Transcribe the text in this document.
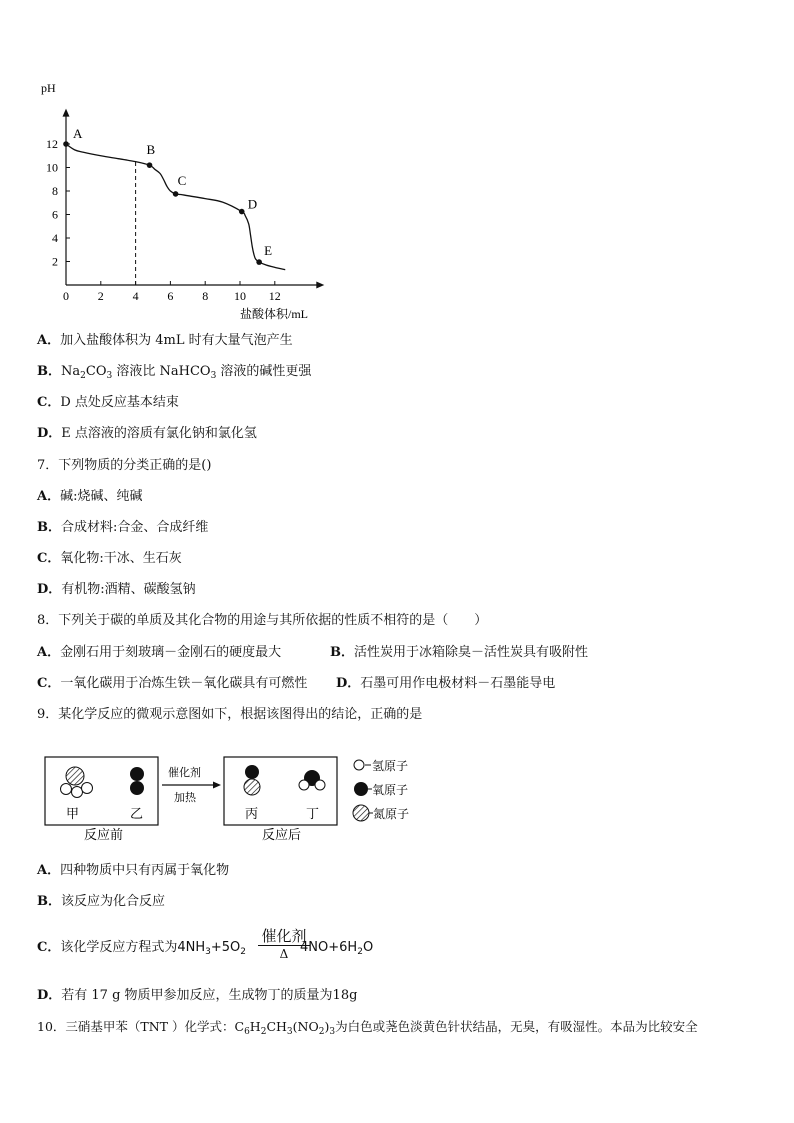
A
B
C
D
E
2
4
6
8
10
12
0 2 4 6 8 10 12
pH
盐酸体积/mL
A．加入盐酸体积为 4mL 时有大量气泡产生
B．$Na_2CO_3$ 溶液比 NaHCO$_3$ 溶液的碱性更强
C．D 点处反应基本结束
D．E 点溶液的溶质有氯化钠和氯化氢
7．下列物质的分类正确的是()
A．碱:烧碱、纯碱
B．合成材料:合金、合成纤维
C．氧化物:干冰、生石灰
D．有机物:酒精、碳酸氢钠
8．下列关于碳的单质及其化合物的用途与其所依据的性质不相符的是（　　）
A．金刚石用于刻玻璃－金刚石的硬度最大	B．活性炭用于冰箱除臭－活性炭具有吸附性
C．一氧化碳用于冶炼生铁－氧化碳具有可燃性 D．石墨可用作电极材料－石墨能导电
9．某化学反应的微观示意图如下，根据该图得出的结论，正确的是
甲	乙
反应前
催化剂
加热
丙	丁
反应后
氢原子
氧原子
氮原子
A．四种物质中只有丙属于氧化物
B．该反应为化合反应
C．该化学反应方程式为$4NH_3+5O_2$	$4NO+6H_2O$
催化剂
Δ
D．若有 17 g 物质甲参加反应，生成物丁的质量为18g
10．三硝基甲苯（TNT ）化学式：$C_6H_2CH_3(NO_2)_3$为白色或荛色淡黄色针状结晶，无臭，有吸湿性。本品为比较安全
